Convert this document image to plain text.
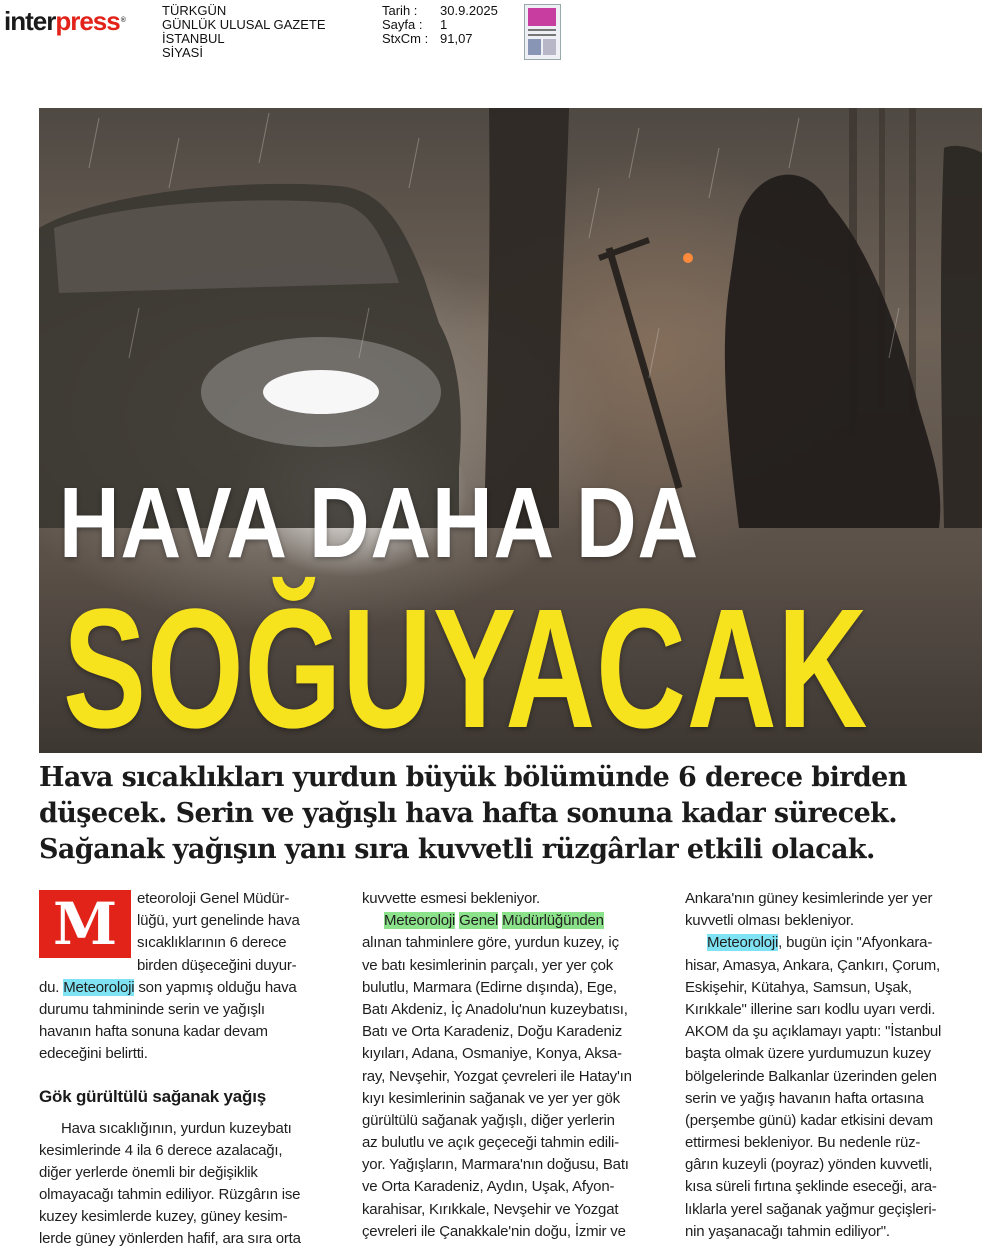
interpress®
TÜRKGÜN
GÜNLÜK ULUSAL GAZETE
İSTANBUL
SİYASİ
Tarih :	30.9.2025
Sayfa :	1
StxCm : 91,07
HAVA DAHA DA
SOĞUYACAK
Hava sıcaklıkları yurdun büyük bölümünde 6 derece birden
düşecek. Serin ve yağışlı hava hafta sonuna kadar sürecek.
Sağanak yağışın yanı sıra kuvvetli rüzgârlar etkili olacak.
M	eteoroloji Genel Müdür-
lüğü, yurt genelinde hava
sıcaklıklarının 6 derece
birden düşeceğini duyur-
du. Meteoroloji son yapmış olduğu hava
durumu tahmininde serin ve yağışlı
havanın hafta sonuna kadar devam
edeceğini belirtti.
Gök gürültülü sağanak yağış
Hava sıcaklığının, yurdun kuzeybatı
kesimlerinde 4 ila 6 derece azalacağı,
diğer yerlerde önemli bir değişiklik
olmayacağı tahmin ediliyor. Rüzgârın ise
kuzey kesimlerde kuzey, güney kesim-
lerde güney yönlerden hafif, ara sıra orta
kuvvette esmesi bekleniyor.
Meteoroloji Genel Müdürlüğünden
alınan tahminlere göre, yurdun kuzey, iç
ve batı kesimlerinin parçalı, yer yer çok
bulutlu, Marmara (Edirne dışında), Ege,
Batı Akdeniz, İç Anadolu'nun kuzeybatısı,
Batı ve Orta Karadeniz, Doğu Karadeniz
kıyıları, Adana, Osmaniye, Konya, Aksa-
ray, Nevşehir, Yozgat çevreleri ile Hatay'ın
kıyı kesimlerinin sağanak ve yer yer gök
gürültülü sağanak yağışlı, diğer yerlerin
az bulutlu ve açık geçeceği tahmin edili-
yor. Yağışların, Marmara'nın doğusu, Batı
ve Orta Karadeniz, Aydın, Uşak, Afyon-
karahisar, Kırıkkale, Nevşehir ve Yozgat
çevreleri ile Çanakkale'nin doğu, İzmir ve
Ankara'nın güney kesimlerinde yer yer
kuvvetli olması bekleniyor.
Meteoroloji, bugün için "Afyonkara-
hisar, Amasya, Ankara, Çankırı, Çorum,
Eskişehir, Kütahya, Samsun, Uşak,
Kırıkkale" illerine sarı kodlu uyarı verdi.
AKOM da şu açıklamayı yaptı: "İstanbul
başta olmak üzere yurdumuzun kuzey
bölgelerinde Balkanlar üzerinden gelen
serin ve yağış havanın hafta ortasına
(perşembe günü) kadar etkisini devam
ettirmesi bekleniyor. Bu nedenle rüz-
gârın kuzeyli (poyraz) yönden kuvvetli,
kısa süreli fırtına şeklinde eseceği, ara-
lıklarla yerel sağanak yağmur geçişleri-
nin yaşanacağı tahmin ediliyor".
